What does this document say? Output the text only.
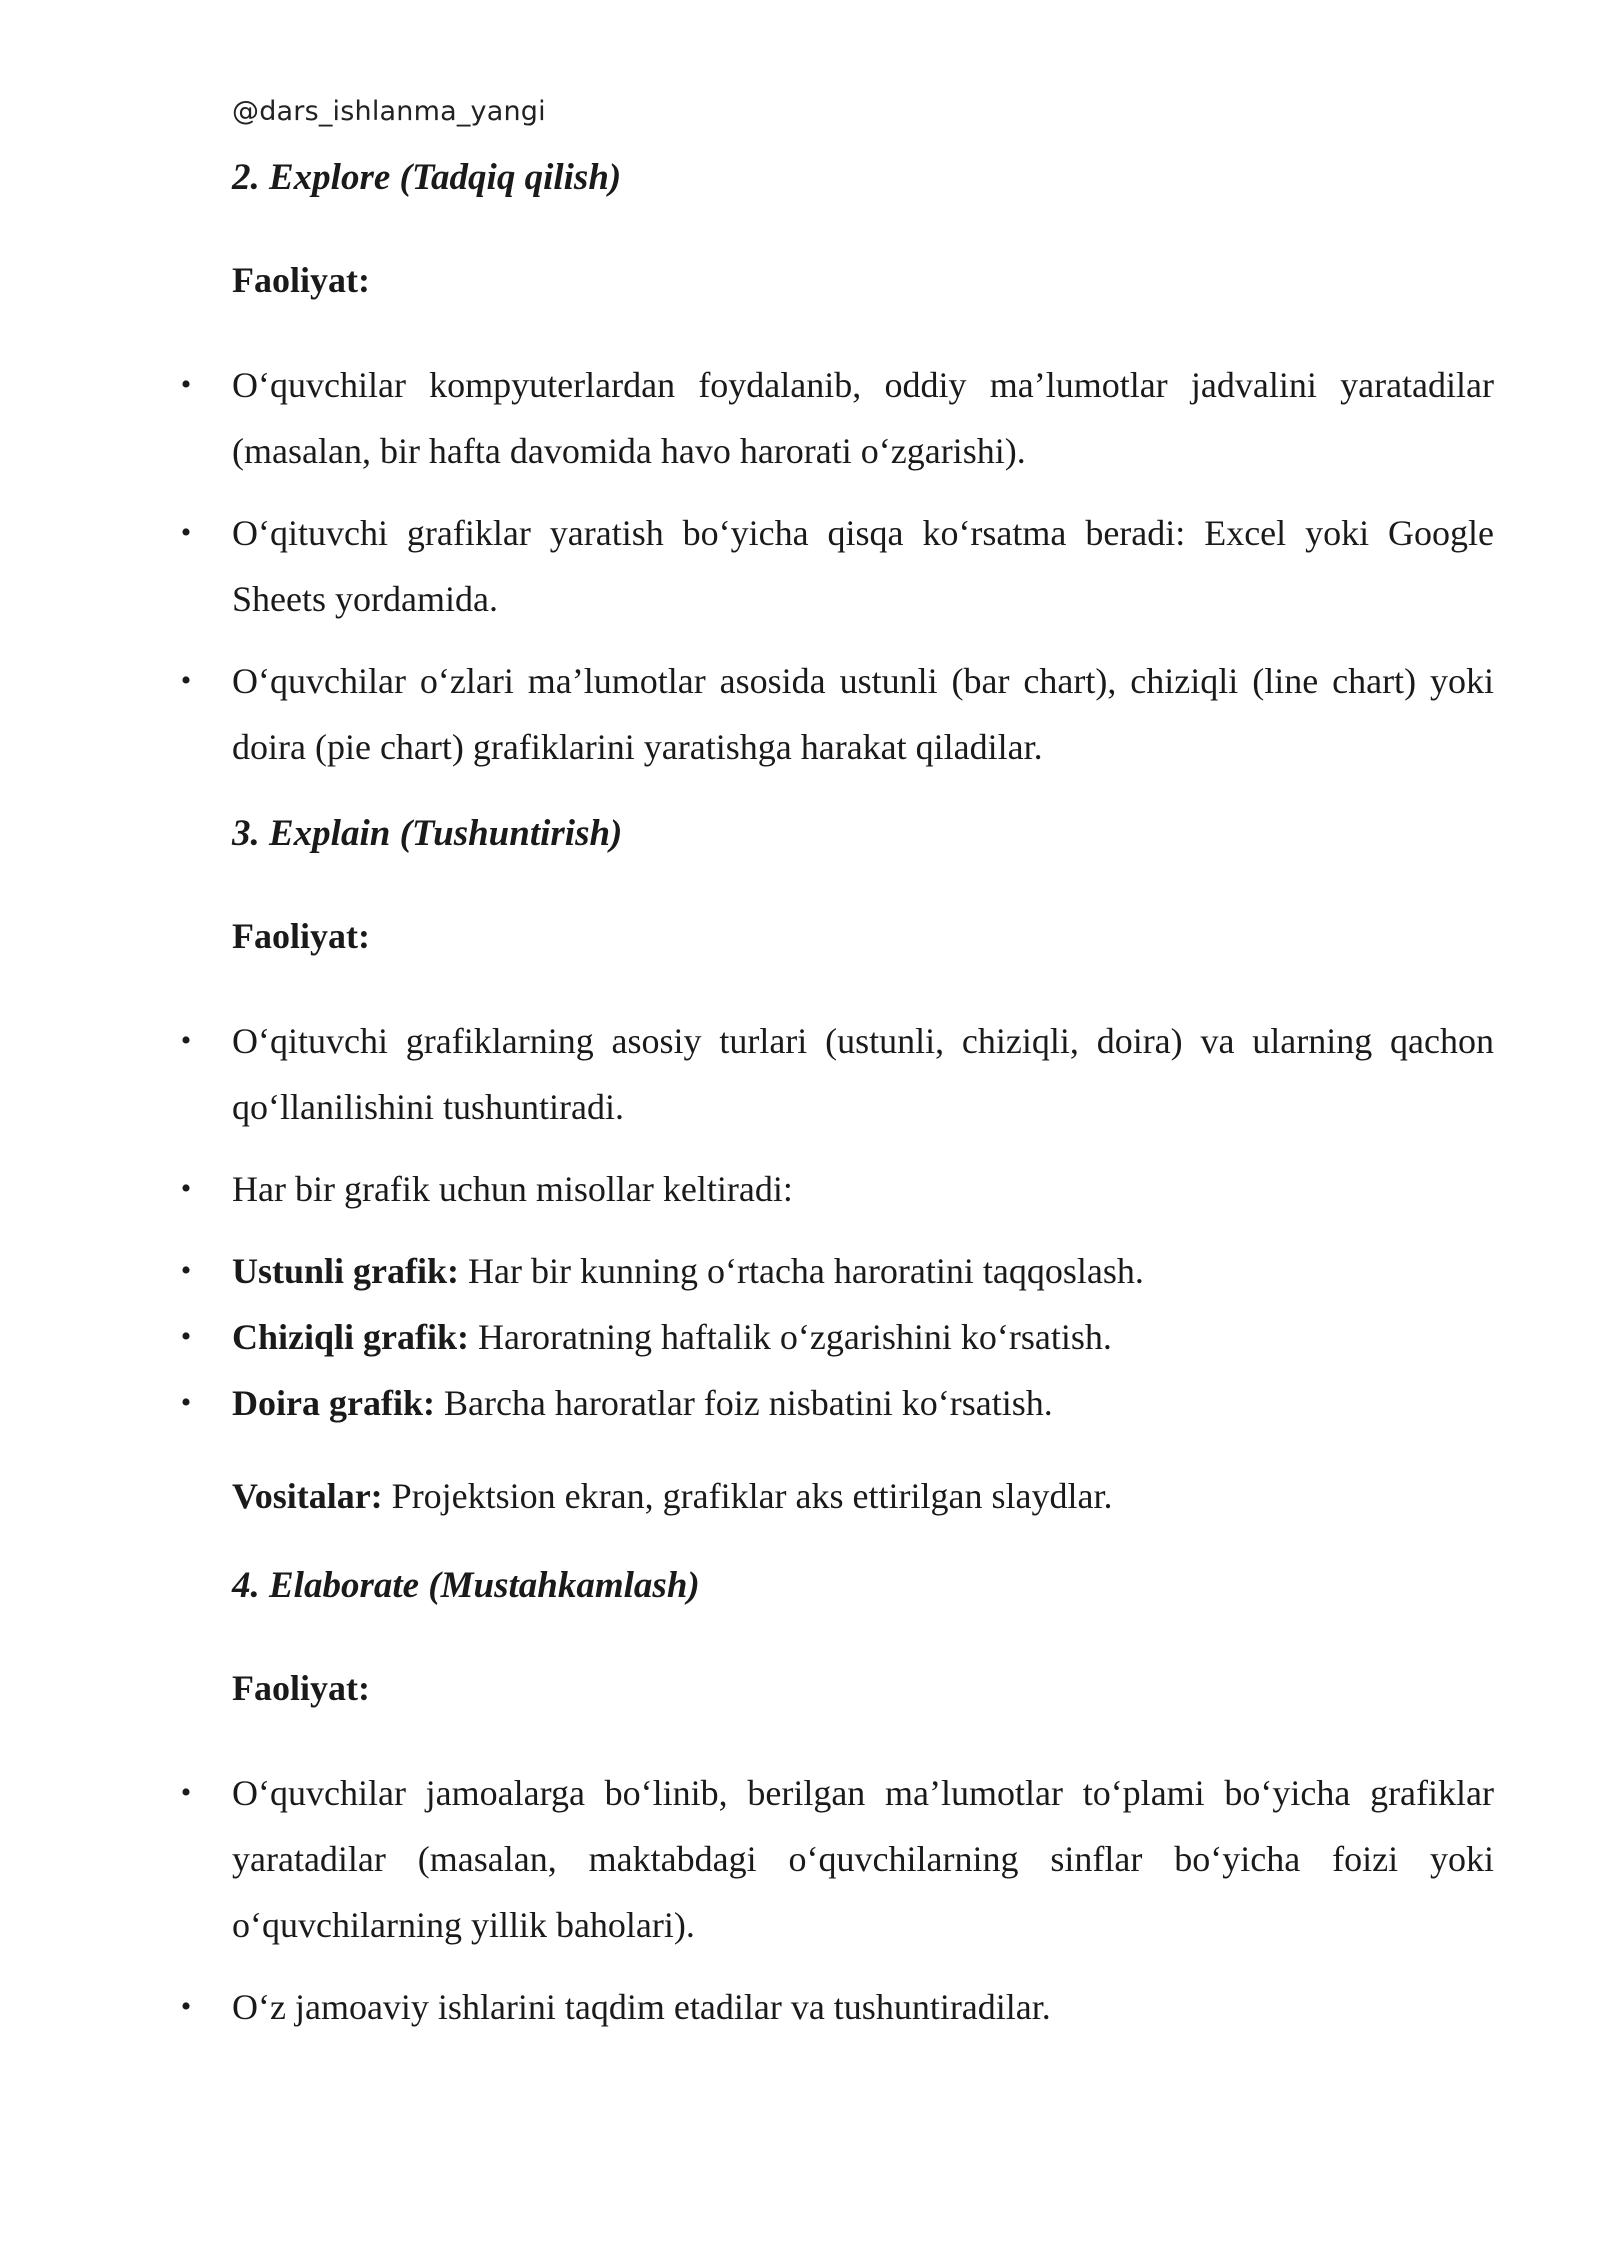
@dars_ishlanma_yangi
2. Explore (Tadqiq qilish)
Faoliyat:
• O‘quvchilar kompyuterlardan foydalanib, oddiy ma’lumotlar jadvalini yaratadilar (masalan, bir hafta davomida havo harorati o‘zgarishi).
• O‘qituvchi grafiklar yaratish bo‘yicha qisqa ko‘rsatma beradi: Excel yoki Google Sheets yordamida.
• O‘quvchilar o‘zlari ma’lumotlar asosida ustunli (bar chart), chiziqli (line chart) yoki doira (pie chart) grafiklarini yaratishga harakat qiladilar.
3. Explain (Tushuntirish)
Faoliyat:
• O‘qituvchi grafiklarning asosiy turlari (ustunli, chiziqli, doira) va ularning qachon qo‘llanilishini tushuntiradi.
• Har bir grafik uchun misollar keltiradi:
• Ustunli grafik: Har bir kunning o‘rtacha haroratini taqqoslash.
• Chiziqli grafik: Haroratning haftalik o‘zgarishini ko‘rsatish.
• Doira grafik: Barcha haroratlar foiz nisbatini ko‘rsatish.
Vositalar: Projektsion ekran, grafiklar aks ettirilgan slaydlar.
4. Elaborate (Mustahkamlash)
Faoliyat:
• O‘quvchilar jamoalarga bo‘linib, berilgan ma’lumotlar to‘plami bo‘yicha grafiklar yaratadilar (masalan, maktabdagi o‘quvchilarning sinflar bo‘yicha foizi yoki o‘quvchilarning yillik baholari).
• O‘z jamoaviy ishlarini taqdim etadilar va tushuntiradilar.
